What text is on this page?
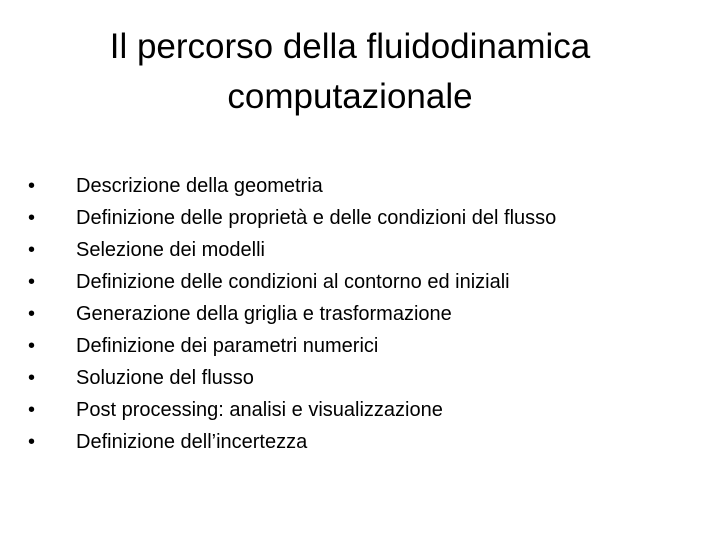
Il percorso della fluidodinamica
computazionale
•	Descrizione della geometria
•	Definizione delle proprietà e delle condizioni del flusso
•	Selezione dei modelli
•	Definizione delle condizioni al contorno ed iniziali
•	Generazione della griglia e trasformazione
•	Definizione dei parametri numerici
•	Soluzione del flusso
•	Post processing: analisi e visualizzazione
•	Definizione dell’incertezza
